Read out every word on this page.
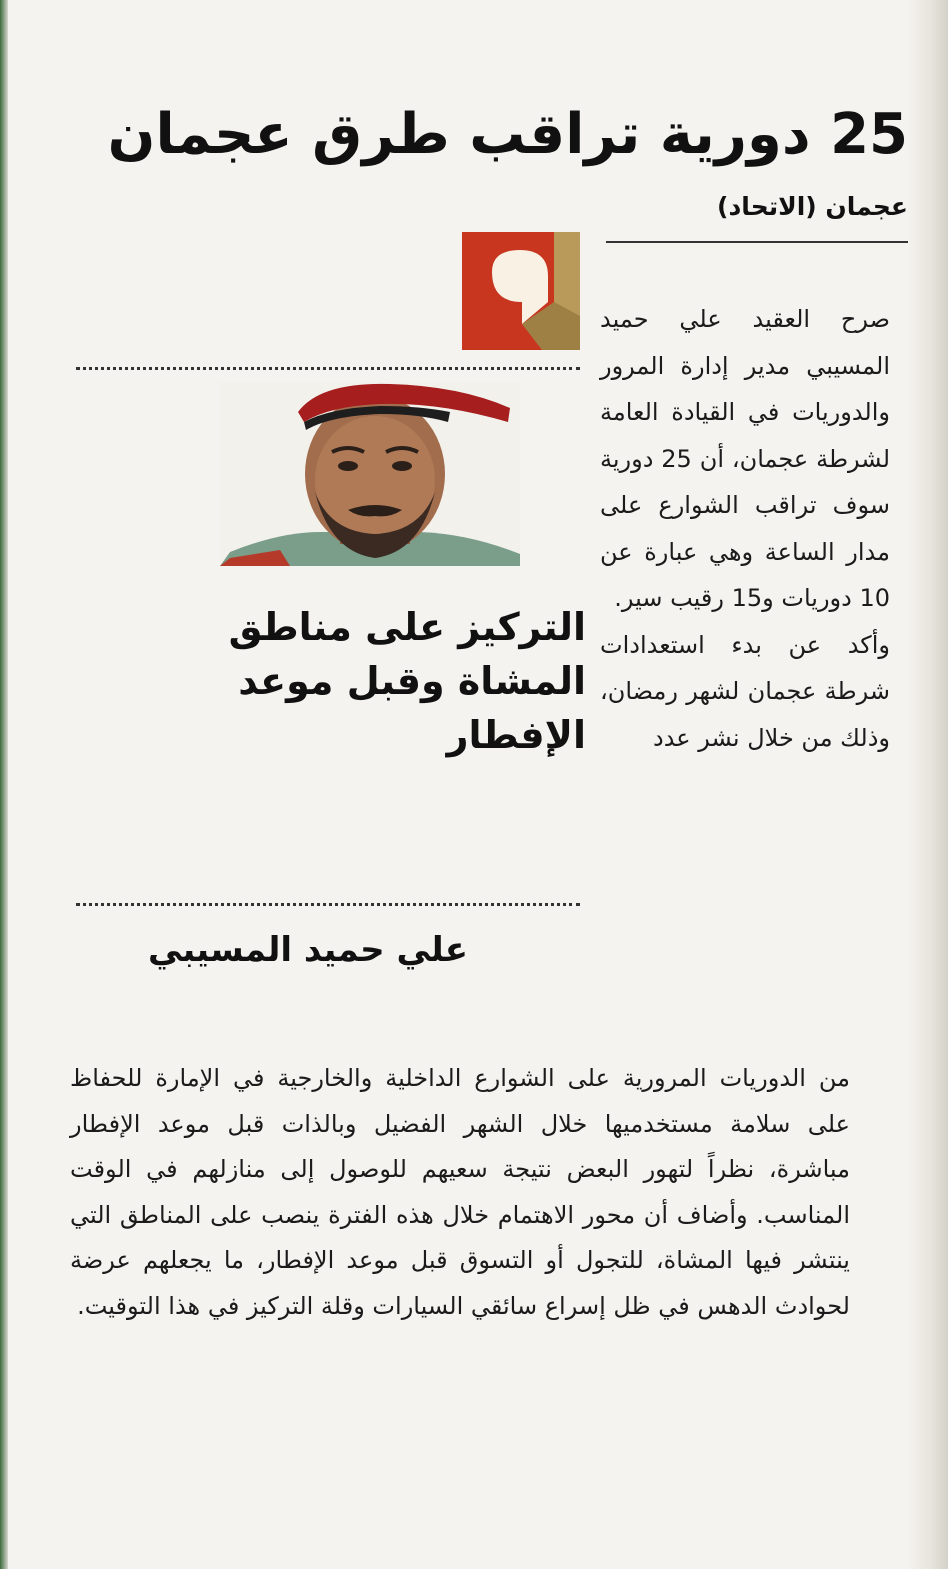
25 دورية تراقب طرق عجمان
عجمان (الاتحاد)
التركيز على مناطق المشاة وقبل موعد الإفطار
علي حميد المسيبي

صرح العقيد علي حميد المسيبي مدير إدارة المرور والدوريات في القيادة العامة لشرطة عجمان، أن 25 دورية سوف تراقب الشوارع على مدار الساعة وهي عبارة عن 10 دوريات و15 رقيب سير.

وأكد عن بدء استعدادات شرطة عجمان لشهر رمضان، وذلك من خلال نشر عدد

من الدوريات المرورية على الشوارع الداخلية والخارجية في الإمارة للحفاظ على سلامة مستخدميها خلال الشهر الفضيل وبالذات قبل موعد الإفطار مباشرة، نظراً لتهور البعض نتيجة سعيهم للوصول إلى منازلهم في الوقت المناسب. وأضاف أن محور الاهتمام خلال هذه الفترة ينصب على المناطق التي ينتشر فيها المشاة، للتجول أو التسوق قبل موعد الإفطار، ما يجعلهم عرضة لحوادث الدهس في ظل إسراع سائقي السيارات وقلة التركيز في هذا التوقيت.
